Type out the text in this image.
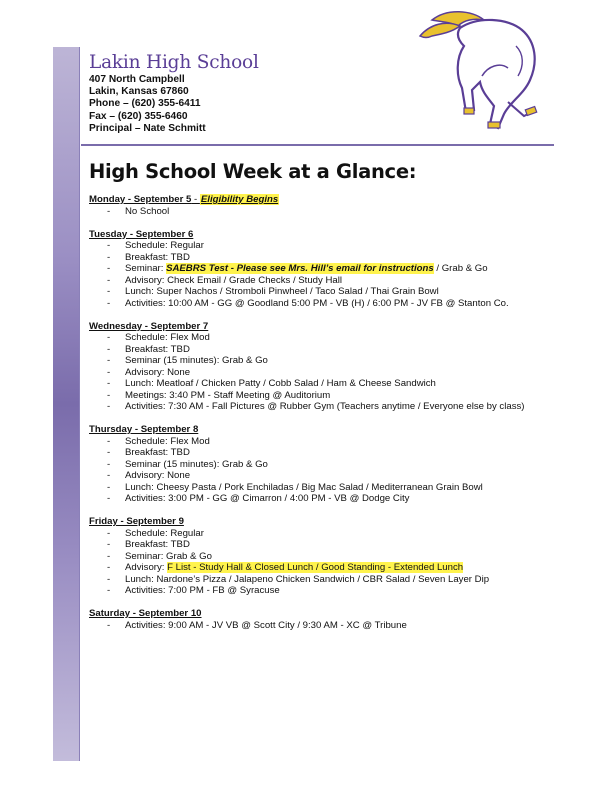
Lakin High School
407 North Campbell
Lakin, Kansas 67860
Phone – (620) 355-6411
Fax – (620) 355-6460
Principal – Nate Schmitt
High School Week at a Glance:
Monday - September 5 - Eligibility Begins
- No School
Tuesday - September 6
- Schedule: Regular
- Breakfast: TBD
- Seminar: SAEBRS Test - Please see Mrs. Hill’s email for instructions / Grab & Go
- Advisory: Check Email / Grade Checks / Study Hall
- Lunch: Super Nachos / Stromboli Pinwheel / Taco Salad / Thai Grain Bowl
- Activities: 10:00 AM - GG @ Goodland 5:00 PM - VB (H) / 6:00 PM - JV FB @ Stanton Co.
Wednesday - September 7
- Schedule: Flex Mod
- Breakfast: TBD
- Seminar (15 minutes): Grab & Go
- Advisory: None
- Lunch: Meatloaf / Chicken Patty / Cobb Salad / Ham & Cheese Sandwich
- Meetings: 3:40 PM - Staff Meeting @ Auditorium
- Activities: 7:30 AM - Fall Pictures @ Rubber Gym (Teachers anytime / Everyone else by class)
Thursday - September 8
- Schedule: Flex Mod
- Breakfast: TBD
- Seminar (15 minutes): Grab & Go
- Advisory: None
- Lunch: Cheesy Pasta / Pork Enchiladas / Big Mac Salad / Mediterranean Grain Bowl
- Activities: 3:00 PM - GG @ Cimarron / 4:00 PM - VB @ Dodge City
Friday - September 9
- Schedule: Regular
- Breakfast: TBD
- Seminar: Grab & Go
- Advisory: F List - Study Hall & Closed Lunch / Good Standing - Extended Lunch
- Lunch: Nardone’s Pizza / Jalapeno Chicken Sandwich / CBR Salad / Seven Layer Dip
- Activities: 7:00 PM - FB @ Syracuse
Saturday - September 10
- Activities: 9:00 AM - JV VB @ Scott City / 9:30 AM - XC @ Tribune
